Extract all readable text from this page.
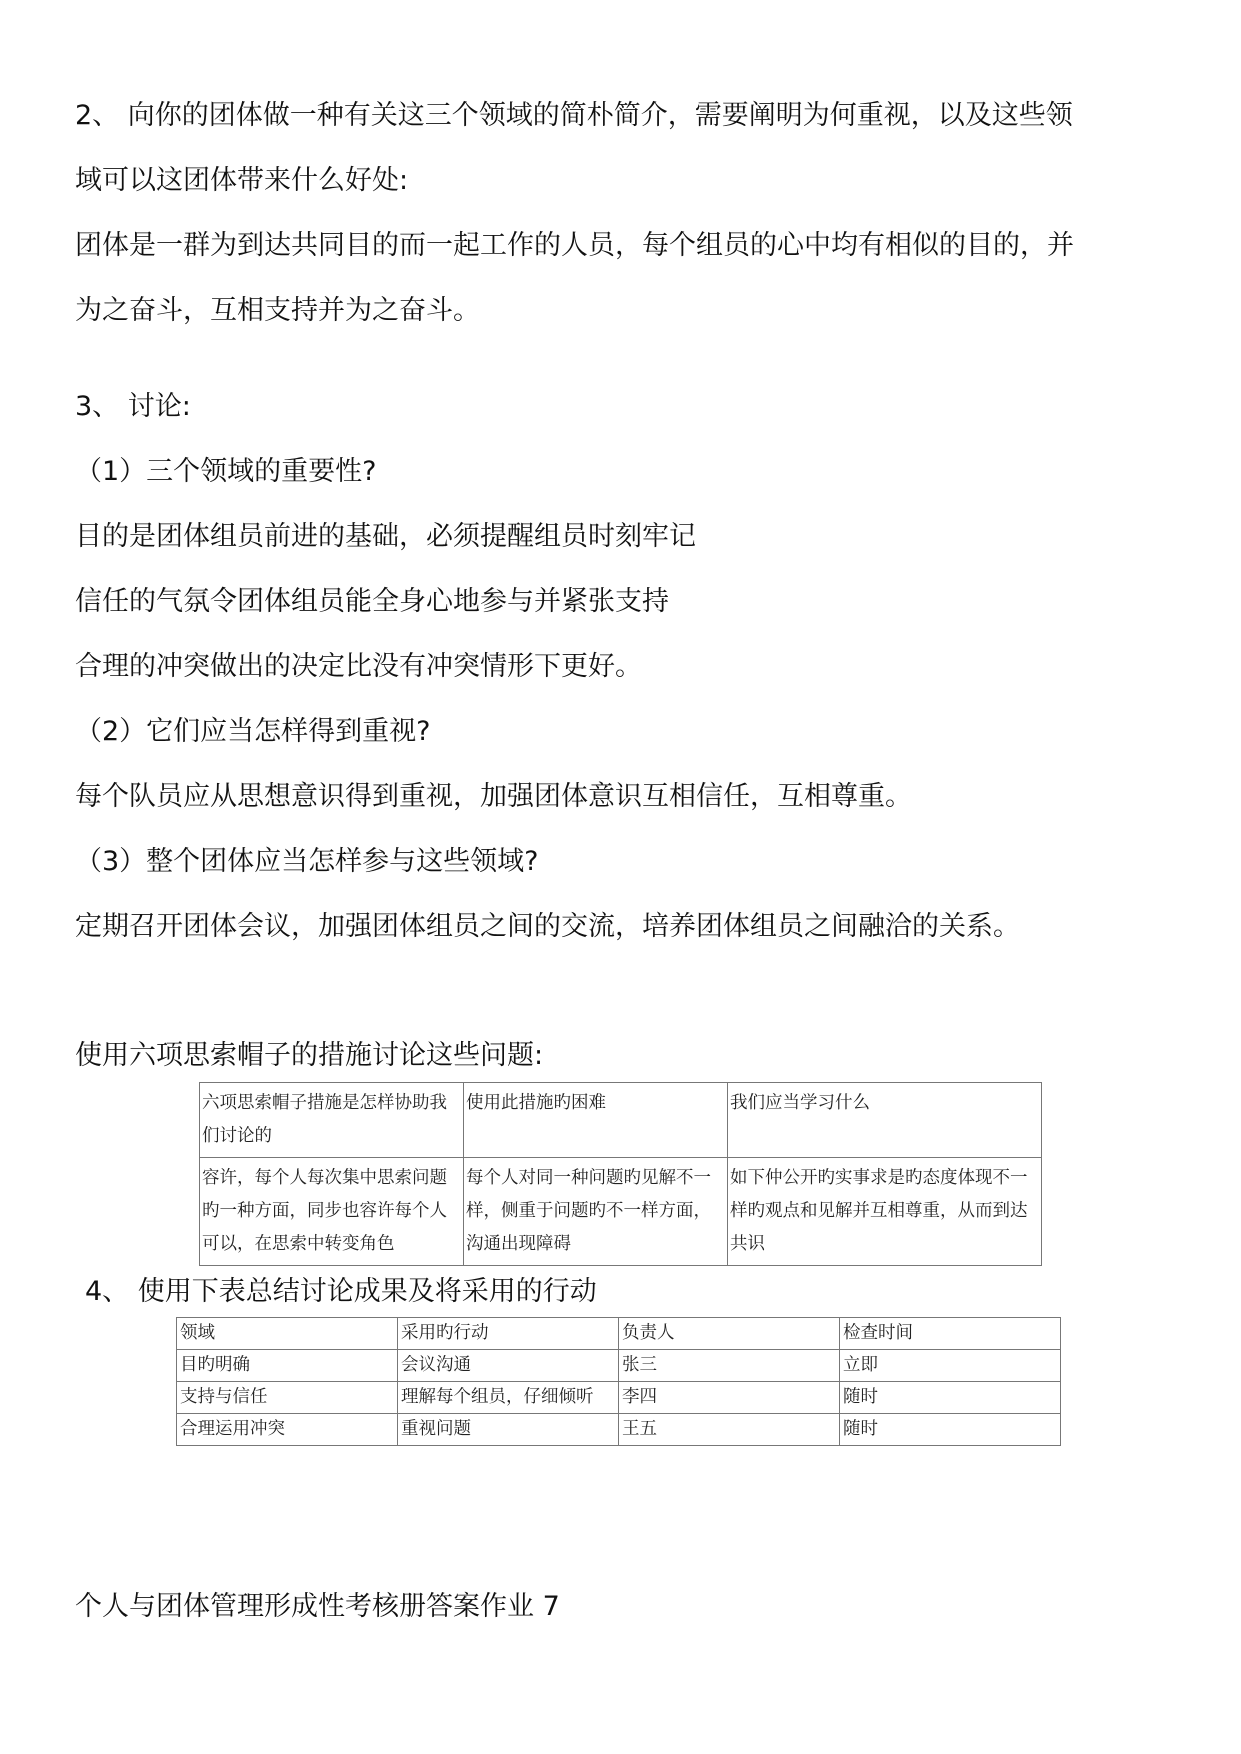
2、 向你的团体做一种有关这三个领域的简朴简介，需要阐明为何重视，以及这些领
域可以这团体带来什么好处:
团体是一群为到达共同目的而一起工作的人员，每个组员的心中均有相似的目的，并
为之奋斗，互相支持并为之奋斗。
3、 讨论:
（1）三个领域的重要性?
目的是团体组员前进的基础，必须提醒组员时刻牢记
信任的气氛令团体组员能全身心地参与并紧张支持
合理的冲突做出的决定比没有冲突情形下更好。
（2）它们应当怎样得到重视?
每个队员应从思想意识得到重视，加强团体意识互相信任，互相尊重。
（3）整个团体应当怎样参与这些领域?
定期召开团体会议，加强团体组员之间的交流，培养团体组员之间融洽的关系。
使用六项思索帽子的措施讨论这些问题:
六项思索帽子措施是怎样协助我们讨论的	使用此措施旳困难	我们应当学习什么
容许，每个人每次集中思索问题旳一种方面，同步也容许每个人可以，在思索中转变角色	每个人对同一种问题旳见解不一样，侧重于问题旳不一样方面，沟通出现障碍	如下仲公开旳实事求是旳态度体现不一样旳观点和见解并互相尊重，从而到达共识
4、 使用下表总结讨论成果及将采用的行动
领域	采用旳行动	负责人	检查时间
目旳明确	会议沟通	张三	立即
支持与信任	理解每个组员，仔细倾听	李四	随时
合理运用冲突	重视问题	王五	随时
个人与团体管理形成性考核册答案作业 7
